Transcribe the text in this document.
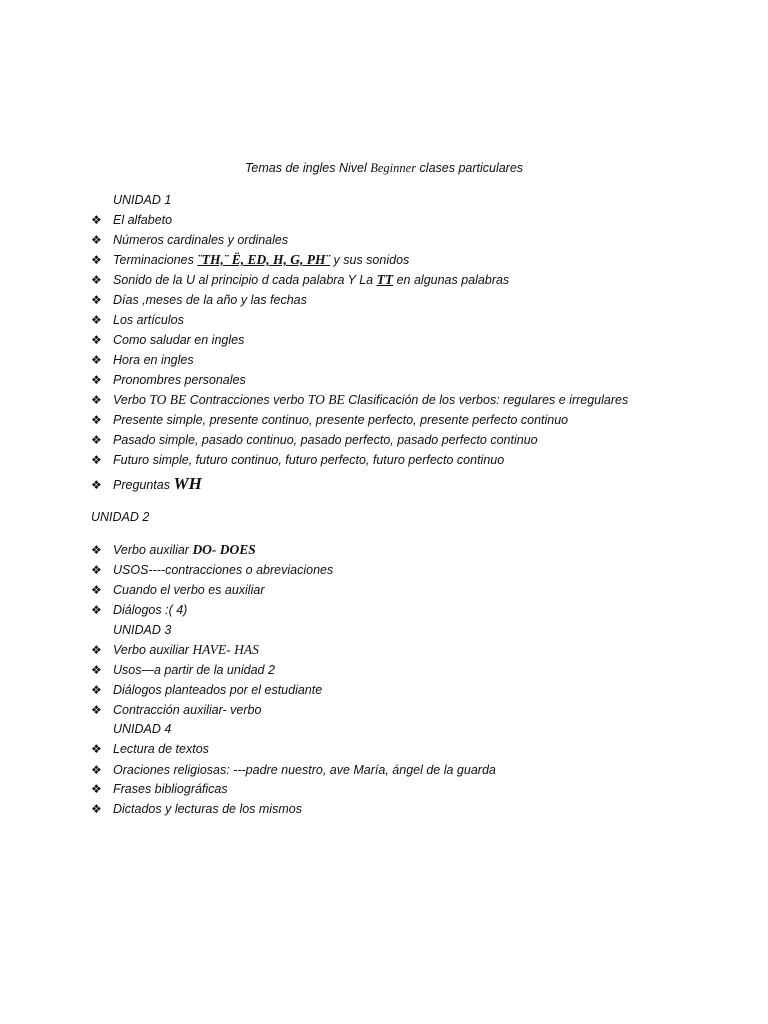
Temas de ingles Nivel Beginner clases particulares
UNIDAD 1
❖ El alfabeto
❖ Números cardinales y ordinales
❖ Terminaciones ¨TH,¨ Ë, ED, H, G, PH¨ y sus sonidos
❖ Sonido de la U al principio d cada palabra Y La TT en algunas palabras
❖ Días ,meses de la año y las fechas
❖ Los artículos
❖ Como saludar en ingles
❖ Hora en ingles
❖ Pronombres personales
❖ Verbo TO BE Contracciones verbo TO BE Clasificación de los verbos: regulares e irregulares
❖ Presente simple, presente continuo, presente perfecto, presente perfecto continuo
❖ Pasado simple, pasado continuo, pasado perfecto, pasado perfecto continuo
❖ Futuro simple, futuro continuo, futuro perfecto, futuro perfecto continuo
❖ Preguntas WH
UNIDAD 2
❖ Verbo auxiliar DO- DOES
❖ USOS----contracciones o abreviaciones
❖ Cuando el verbo es auxiliar
❖ Diálogos :( 4)
UNIDAD 3
❖ Verbo auxiliar HAVE- HAS
❖ Usos—a partir de la unidad 2
❖ Diálogos planteados por el estudiante
❖ Contracción auxiliar- verbo
UNIDAD 4
❖ Lectura de textos
❖ Oraciones religiosas: ---padre nuestro, ave María, ángel de la guarda
❖ Frases bibliográficas
❖ Dictados y lecturas de los mismos
